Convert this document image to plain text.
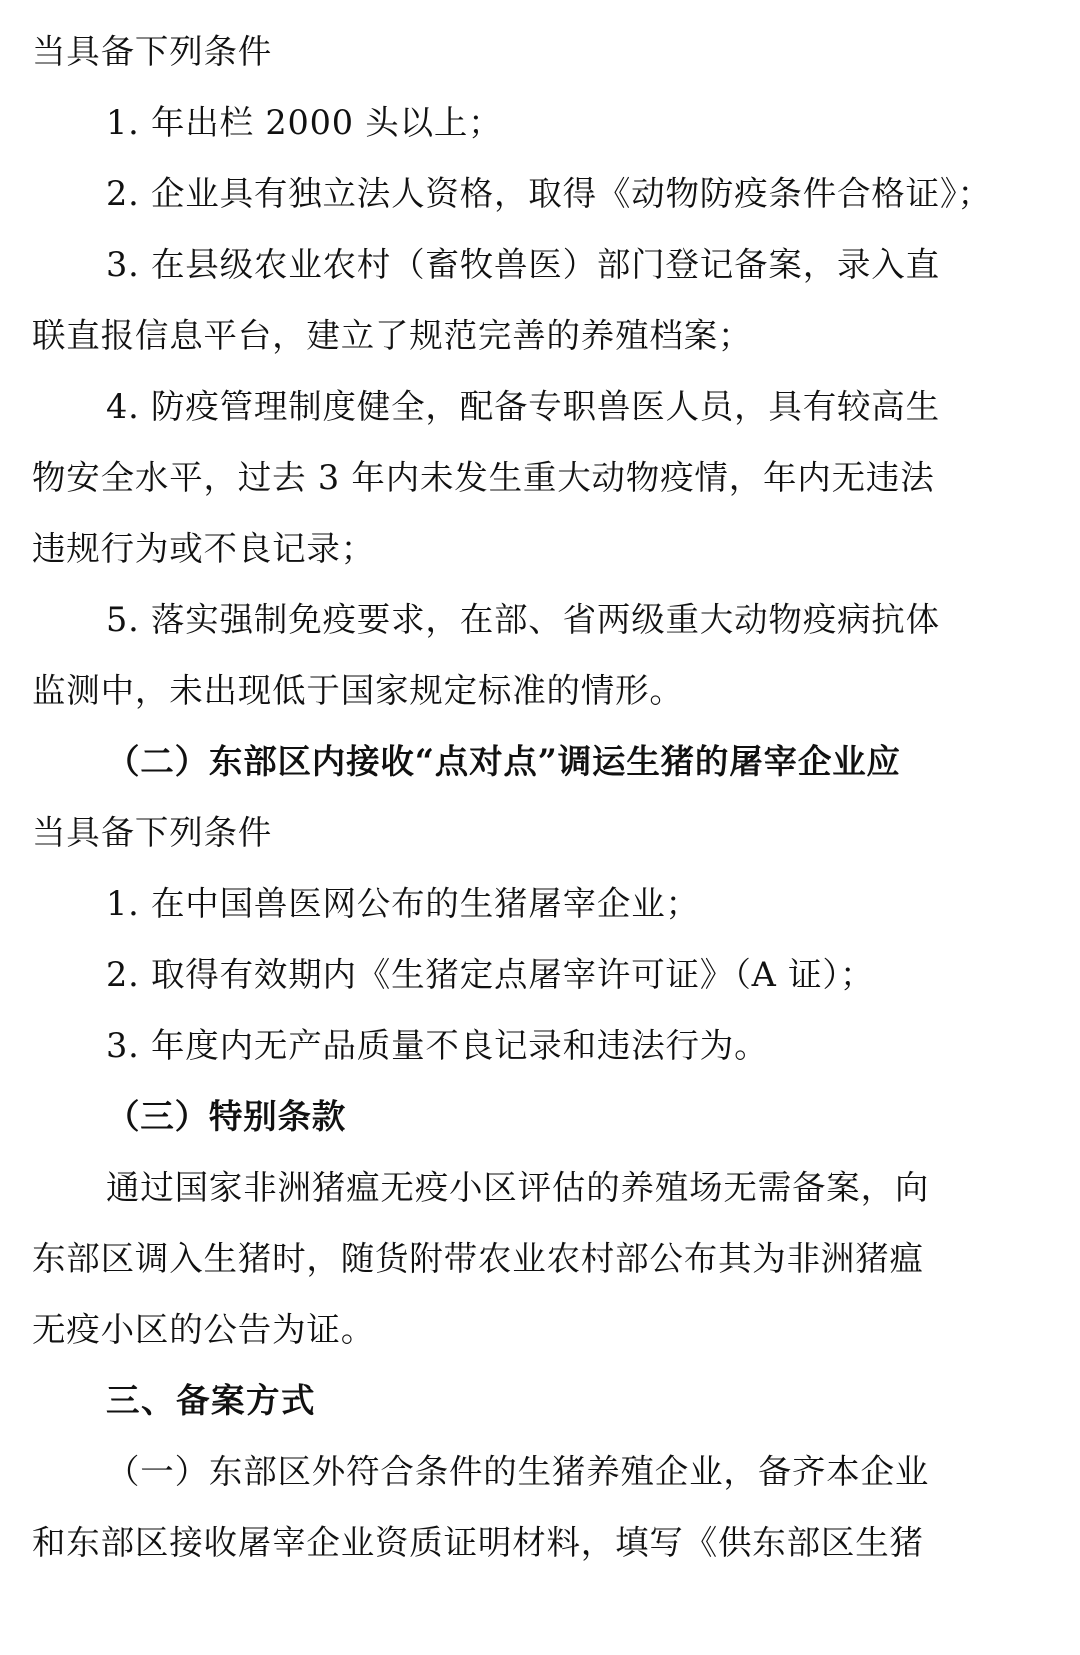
当具备下列条件

1. 年出栏 2000 头以上；

2. 企业具有独立法人资格，取得《动物防疫条件合格证》；

3. 在县级农业农村（畜牧兽医）部门登记备案，录入直

联直报信息平台，建立了规范完善的养殖档案；

4. 防疫管理制度健全，配备专职兽医人员，具有较高生

物安全水平，过去 3 年内未发生重大动物疫情，年内无违法

违规行为或不良记录；

5. 落实强制免疫要求，在部、省两级重大动物疫病抗体

监测中，未出现低于国家规定标准的情形。

（二）东部区内接收“点对点”调运生猪的屠宰企业应

当具备下列条件

1. 在中国兽医网公布的生猪屠宰企业；

2. 取得有效期内《生猪定点屠宰许可证》（A 证）；

3. 年度内无产品质量不良记录和违法行为。

（三）特别条款

通过国家非洲猪瘟无疫小区评估的养殖场无需备案，向

东部区调入生猪时，随货附带农业农村部公布其为非洲猪瘟

无疫小区的公告为证。

三、备案方式

（一）东部区外符合条件的生猪养殖企业，备齐本企业

和东部区接收屠宰企业资质证明材料，填写《供东部区生猪
